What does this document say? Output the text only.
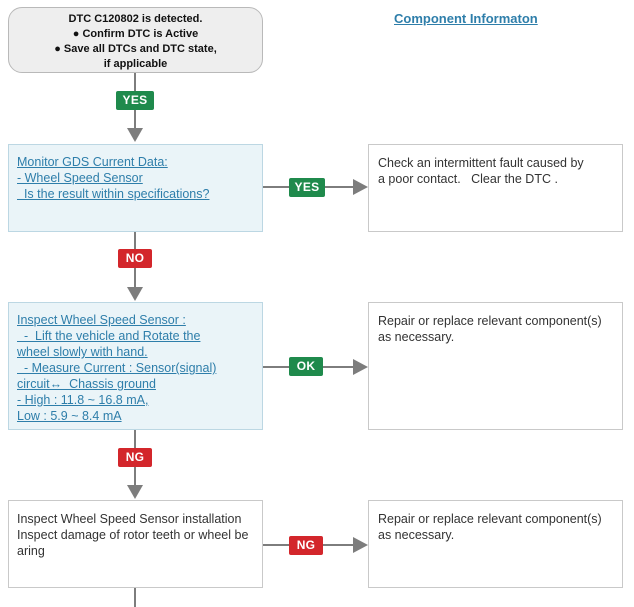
Component Informaton
DTC C120802 is detected.
● Confirm DTC is Active
● Save all DTCs and DTC state,
if applicable
YES
Monitor GDS Current Data:
- Wheel Speed Sensor
Is the result within specifications?	YES
Check an intermittent fault caused by
a poor contact.   Clear the DTC .
NO
Inspect Wheel Speed Sensor :
-  Lift the vehicle and Rotate the
wheel slowly with hand.
- Measure Current : Sensor(signal)
circuit↔  Chassis ground
- High : 11.8 ~ 16.8 mA,
Low : 5.9 ~ 8.4 mA
OK
Repair or replace relevant component(s)
as necessary.
NG
Inspect Wheel Speed Sensor installation
Inspect damage of rotor teeth or wheel be
aring	NG
Repair or replace relevant component(s)
as necessary.
